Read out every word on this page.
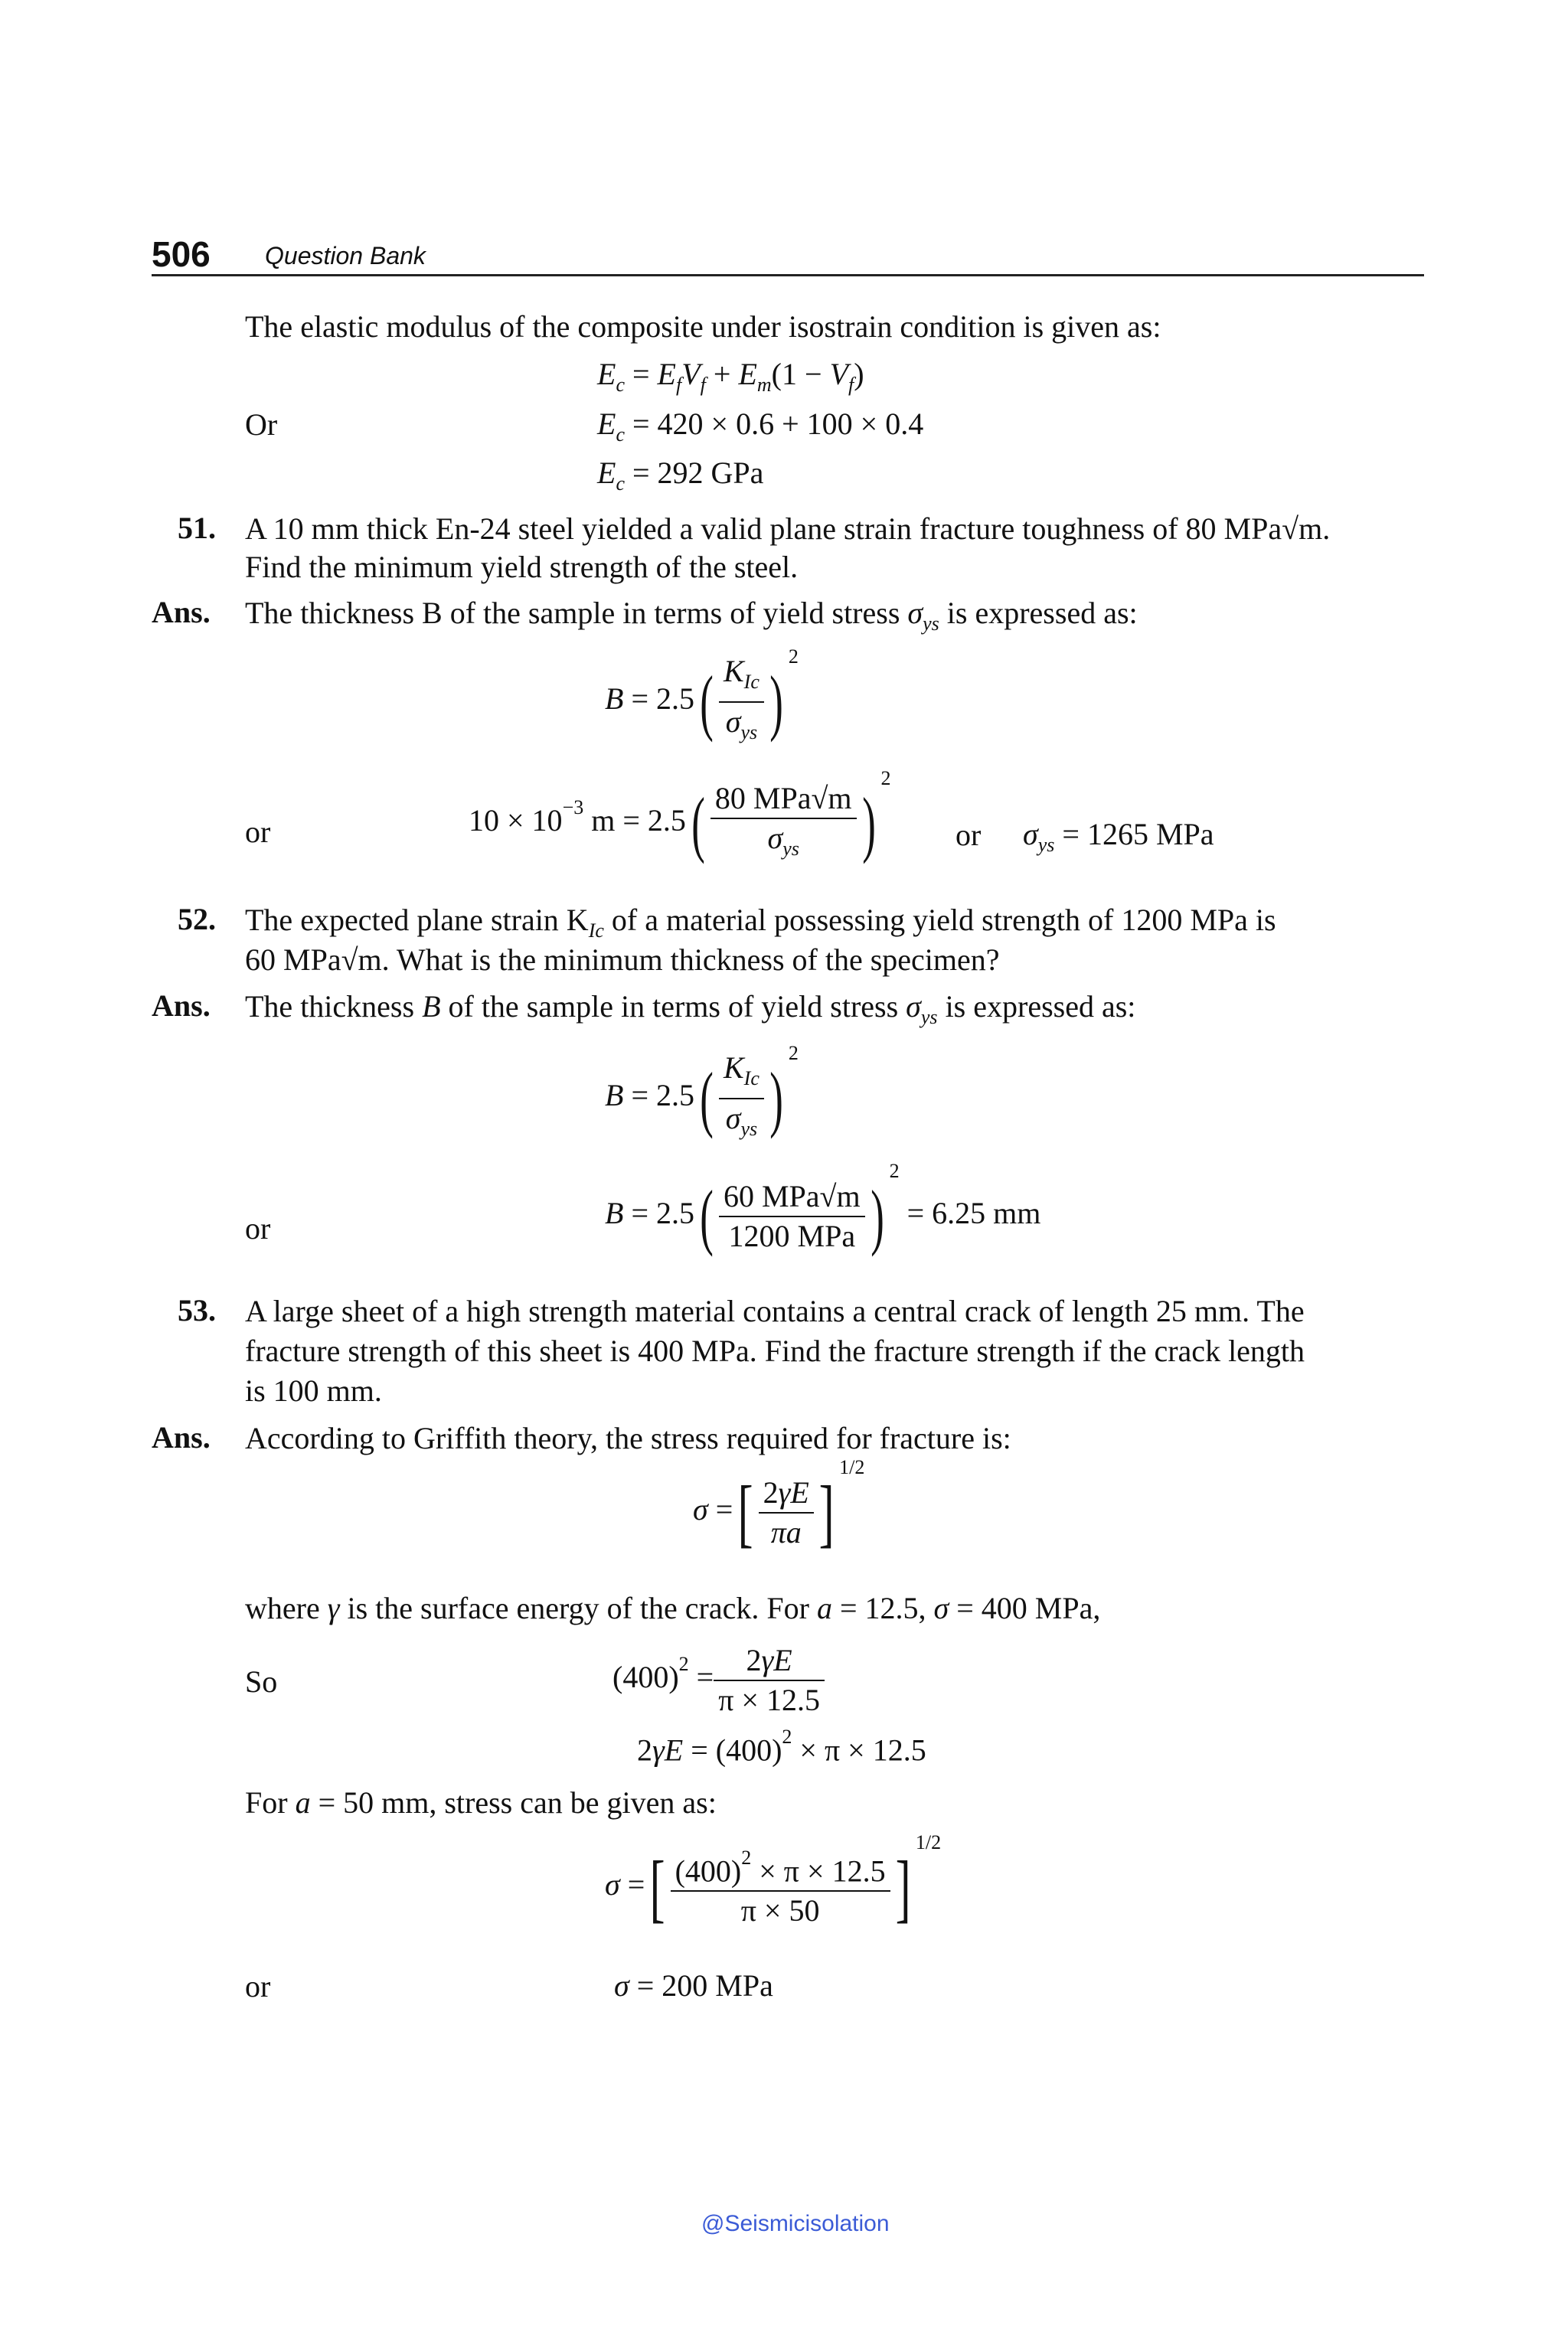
506 Question Bank
The elastic modulus of the composite under isostrain condition is given as:
$E_c = E_fV_f + E_m(1 - V_f)$
Or	$E_c = 420 \times 0.6 + 100 \times 0.4$
$E_c = 292$ GPa
51. A 10 mm thick En-24 steel yielded a valid plane strain fracture toughness of 80 MPa√m.
Find the minimum yield strength of the steel.
Ans. The thickness B of the sample in terms of yield stress $\sigma_{ys}$ is expressed as:
$B = 2.5( \frac{K_{Ic}}{\sigma_{ys}} )^2$
or	$10 \times 10^{-3}$ $m = 2.5( \frac{\text{80 MPa√m}}{\sigma_{ys}} )^2$
or $\sigma_{ys} = 1265$ MPa
52. The expected plane strain $K_{Ic}$ of a material possessing yield strength of 1200 MPa is
60 MPa√m. What is the minimum thickness of the specimen?
Ans. The thickness B of the sample in terms of yield stress $\sigma_{ys}$ is expressed as:
$B = 2.5( \frac{K_{Ic}}{\sigma_{ys}} )^2$
or	$B = 2.5( \frac{\text{60 MPa√m}}{\text{1200 MPa}} )^2 = 6.25$ mm
53. A large sheet of a high strength material contains a central crack of length 25 mm. The
fracture strength of this sheet is 400 MPa. Find the fracture strength if the crack length
is 100 mm.
Ans. According to Griffith theory, the stress required for fracture is:
σ =[ $\frac{2\gamma E}{\pi a} ]^{1/2}$
where γ is the surface energy of the crack. For a = 12.5, σ = 400 MPa,
So	$(400)^2 = \frac{2\gamma E}{\pi \times 12.5}$
$2\gamma E = (400)^2 \times \pi \times 12.5$
For a = 50 mm, stress can be given as:
σ =[ $\frac{(400)^2 \times \pi \times 12.5}{\pi \times 50} ]^{1/2}$
or	σ = 200 MPa
@Seismicisolation
